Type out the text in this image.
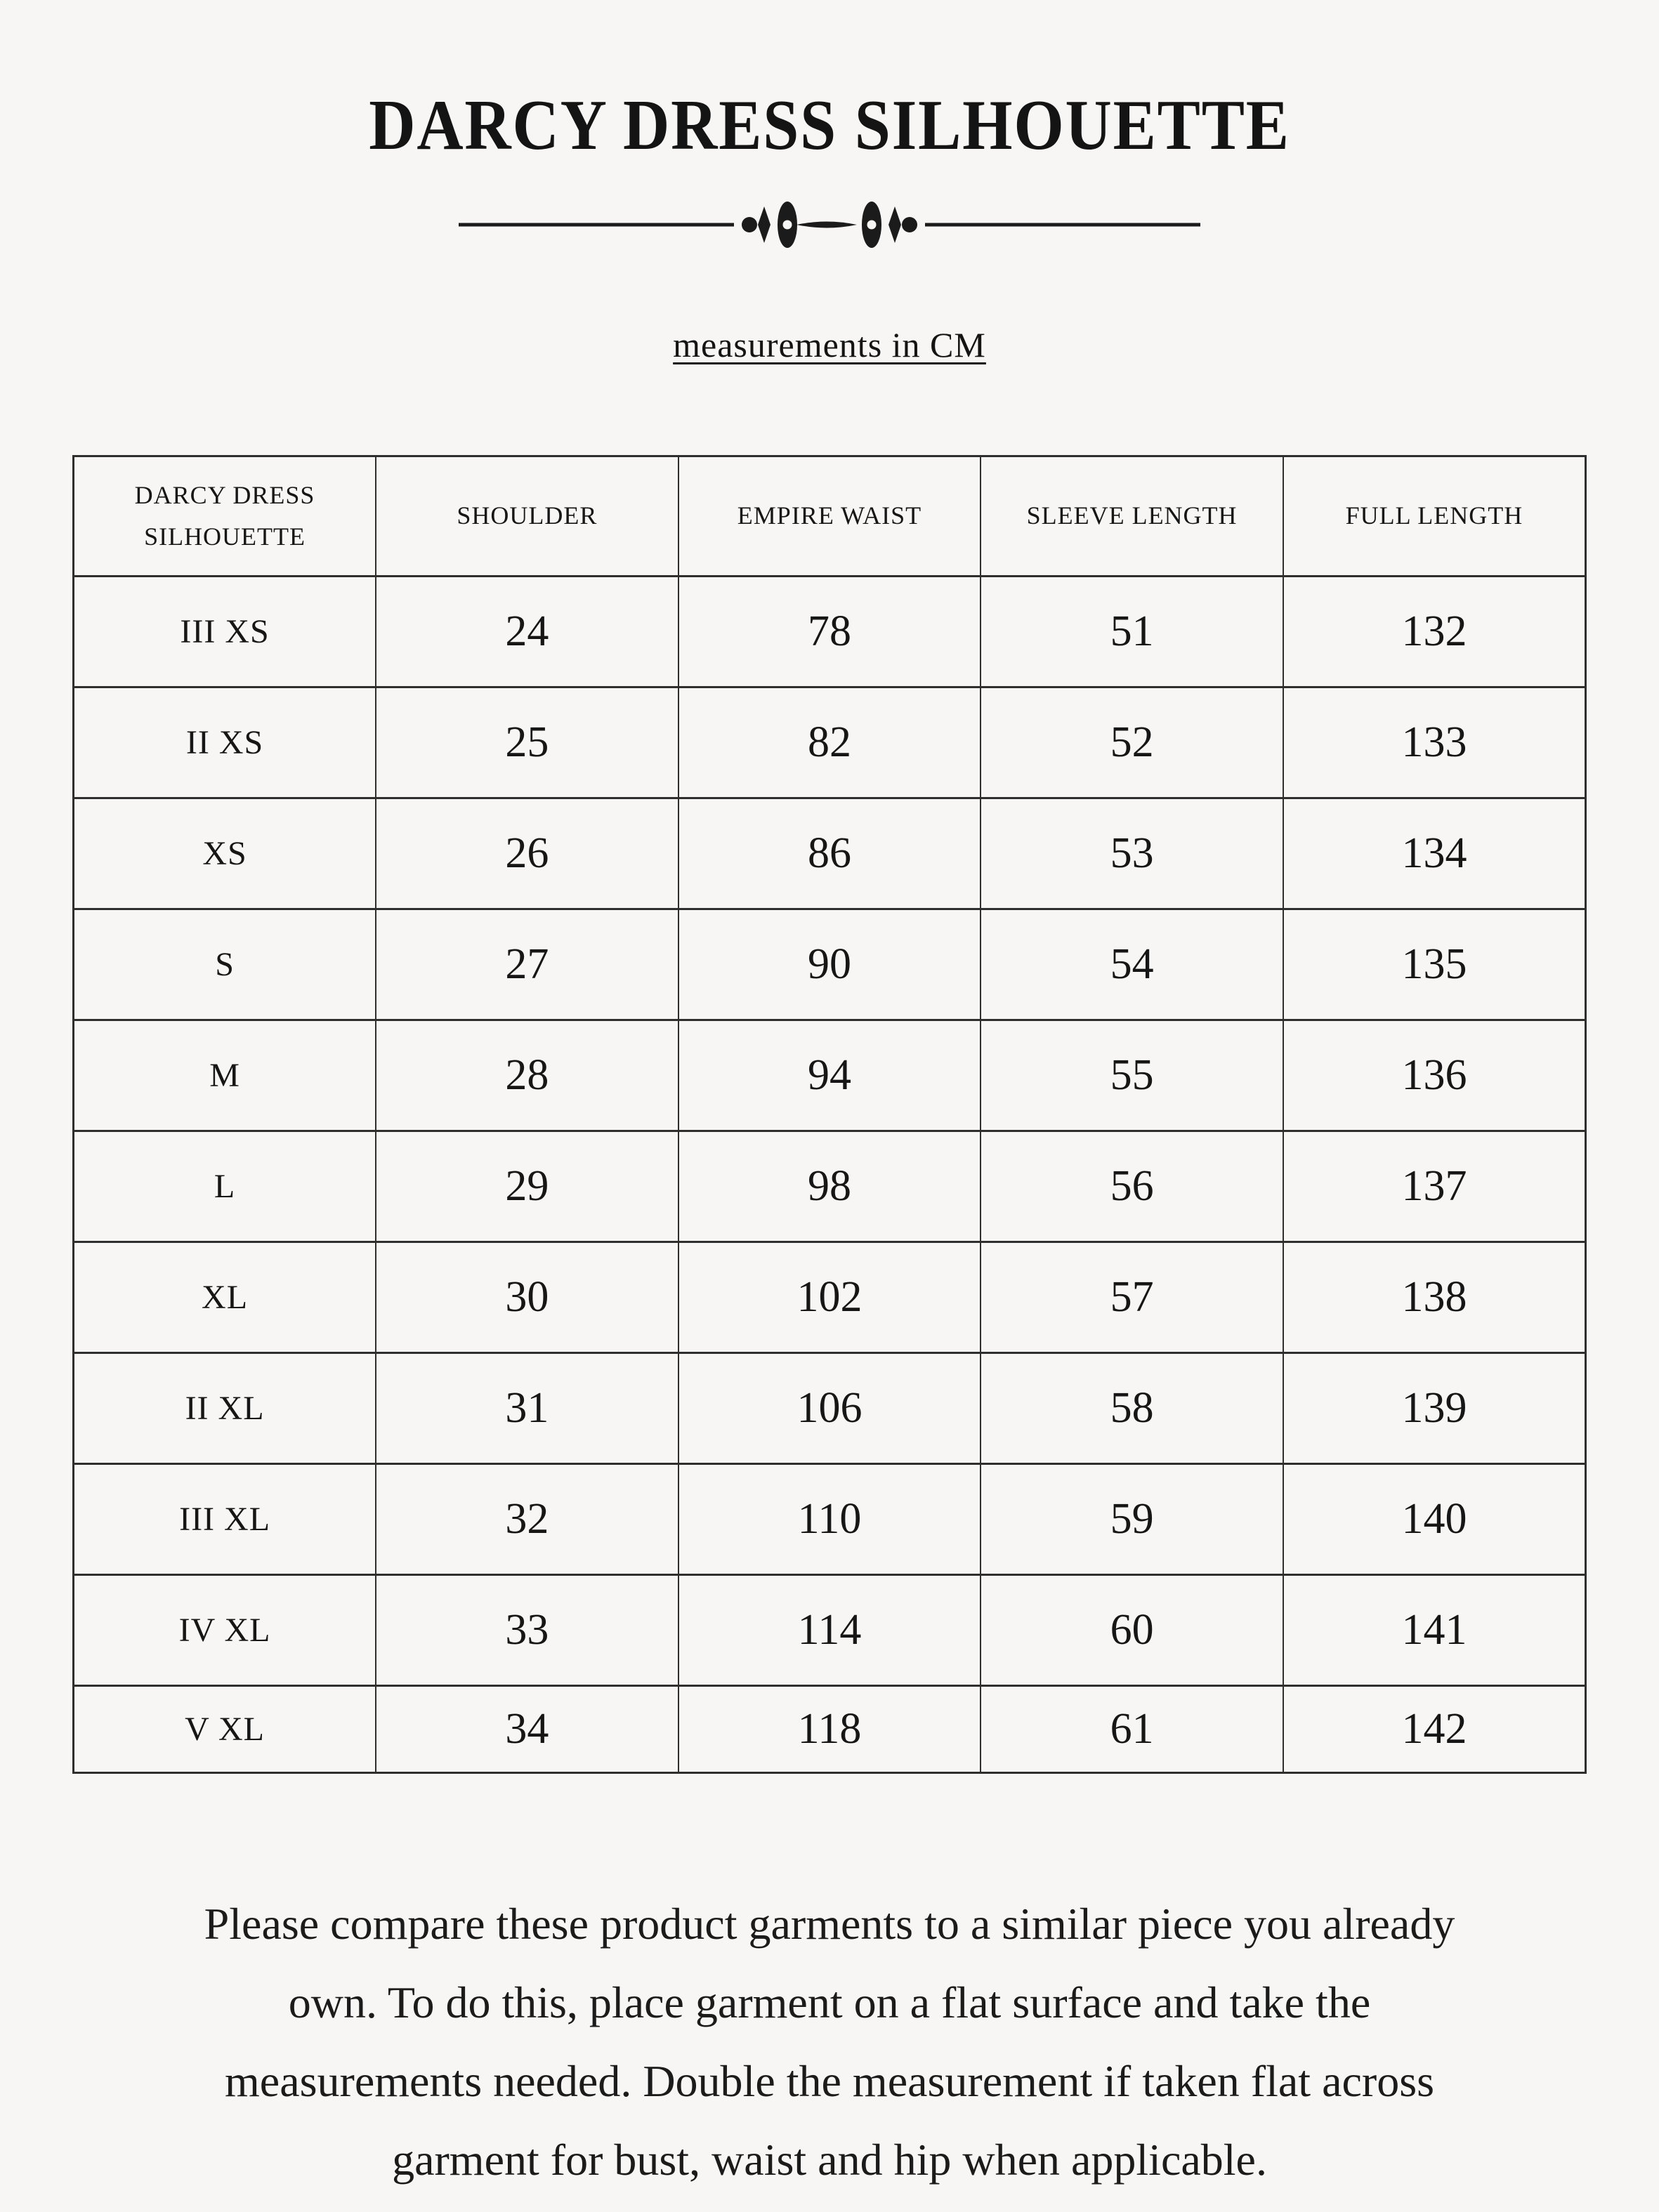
DARCY DRESS SILHOUETTE
measurements in CM
DARCY DRESS SILHOUETTE	SHOULDER	EMPIRE WAIST	SLEEVE LENGTH	FULL LENGTH
III XS	24	78	51	132
II XS	25	82	52	133
XS	26	86	53	134
S	27	90	54	135
M	28	94	55	136
L	29	98	56	137
XL	30	102	57	138
II XL	31	106	58	139
III XL	32	110	59	140
IV XL	33	114	60	141
V XL	34	118	61	142

Please compare these product garments to a similar piece you already
own. To do this, place garment on a flat surface and take the
measurements needed. Double the measurement if taken flat across
garment for bust, waist and hip when applicable.
